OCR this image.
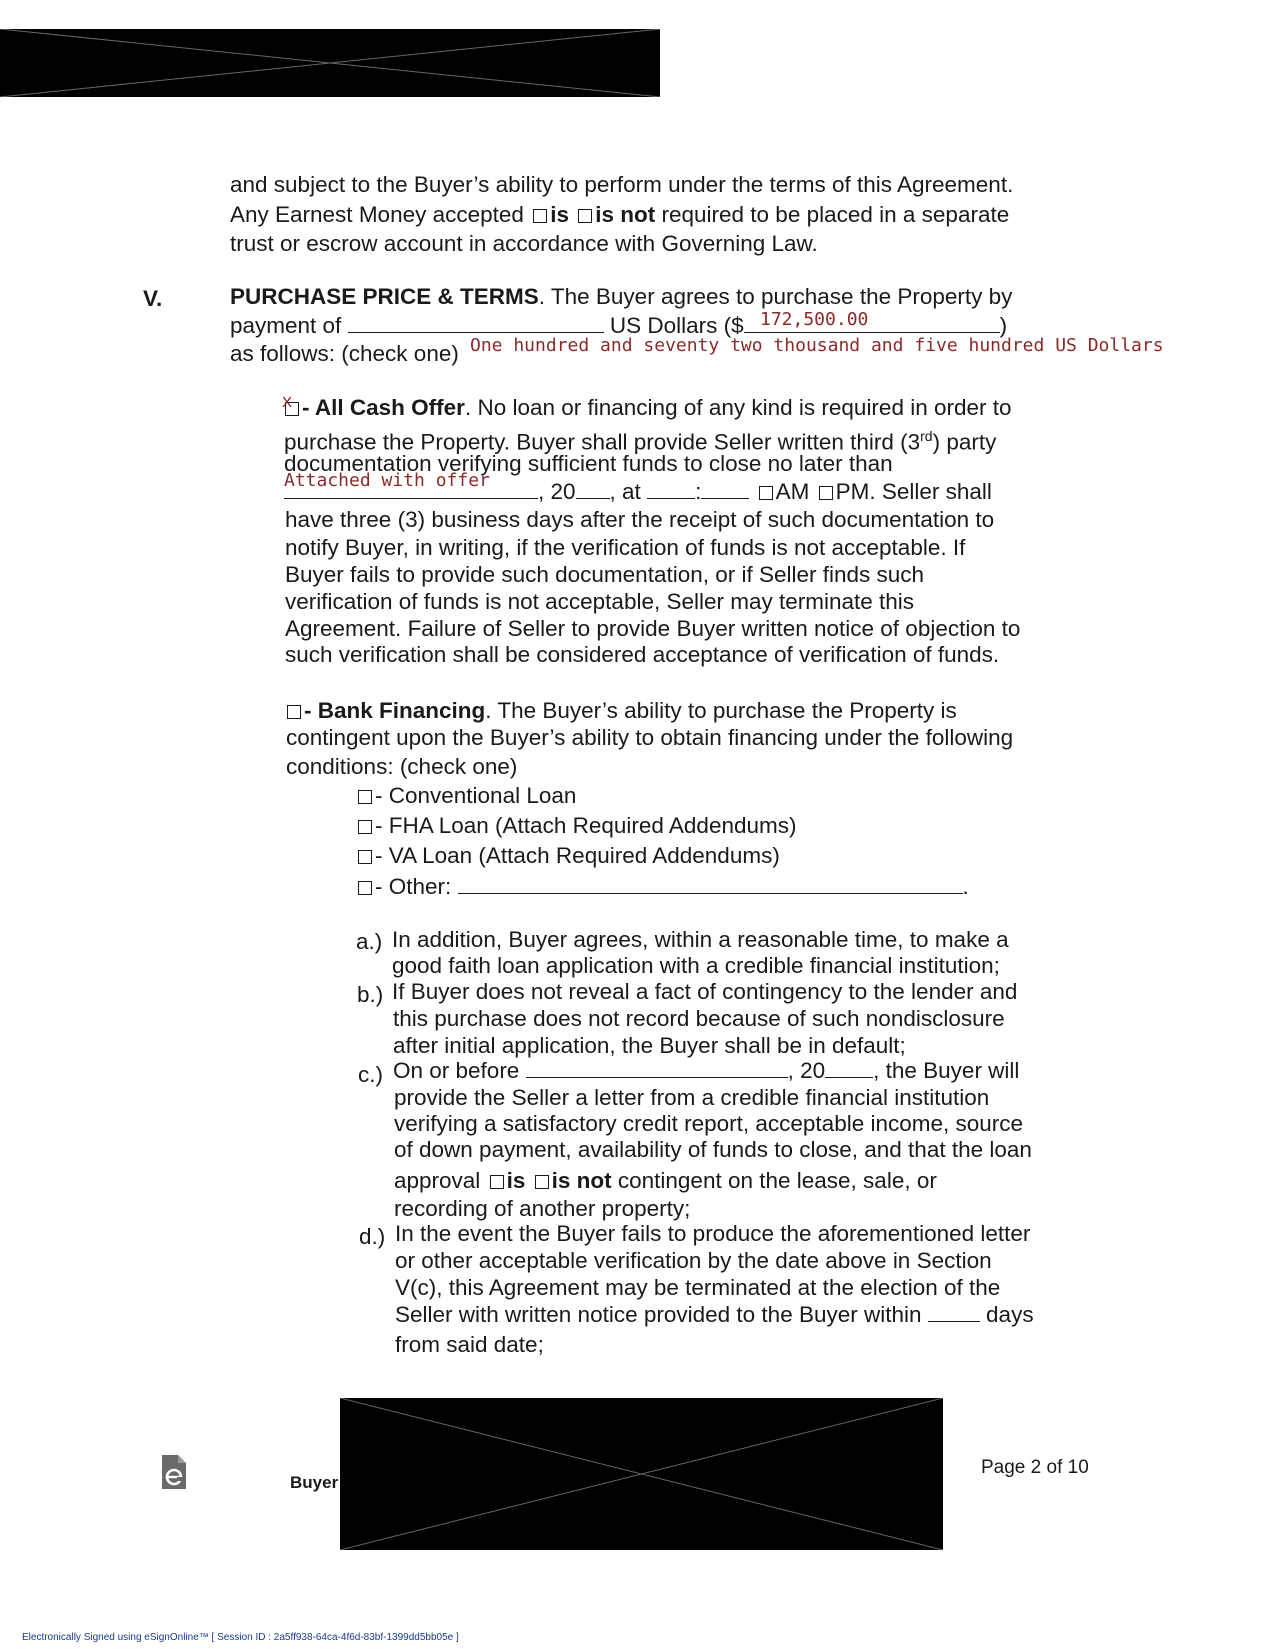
and subject to the Buyer’s ability to perform under the terms of this Agreement.
Any Earnest Money accepted is is not required to be placed in a separate
trust or escrow account in accordance with Governing Law.
V.	PURCHASE PRICE & TERMS. The Buyer agrees to purchase the Property by
payment of	US Dollars ($	)
172,500.00
as follows: (check one) One hundred and seventy two thousand and five hundred US Dollars
X - All Cash Offer. No loan or financing of any kind is required in order to
purchase the Property. Buyer shall provide Seller written third (3rd) party
documentation verifying sufficient funds to close no later than
Attached with offer	, 20 , at :	AM PM. Seller shall
have three (3) business days after the receipt of such documentation to
notify Buyer, in writing, if the verification of funds is not acceptable. If
Buyer fails to provide such documentation, or if Seller finds such
verification of funds is not acceptable, Seller may terminate this
Agreement. Failure of Seller to provide Buyer written notice of objection to
such verification shall be considered acceptance of verification of funds.
- Bank Financing. The Buyer’s ability to purchase the Property is
contingent upon the Buyer’s ability to obtain financing under the following
conditions: (check one)
- Conventional Loan
- FHA Loan (Attach Required Addendums)
- VA Loan (Attach Required Addendums)
- Other:	.
a.) In addition, Buyer agrees, within a reasonable time, to make a
good faith loan application with a credible financial institution;
b.) If Buyer does not reveal a fact of contingency to the lender and
this purchase does not record because of such nondisclosure
after initial application, the Buyer shall be in default;
c.) On or before	, 20 , the Buyer will
provide the Seller a letter from a credible financial institution
verifying a satisfactory credit report, acceptable income, source
of down payment, availability of funds to close, and that the loan
approval is is not contingent on the lease, sale, or
recording of another property;
d.) In the event the Buyer fails to produce the aforementioned letter
or other acceptable verification by the date above in Section
V(c), this Agreement may be terminated at the election of the
Seller with written notice provided to the Buyer within	days
from said date;
Buyer
Page 2 of 10
Electronically Signed using eSignOnline™ [ Session ID : 2a5ff938-64ca-4f6d-83bf-1399dd5bb05e ]
